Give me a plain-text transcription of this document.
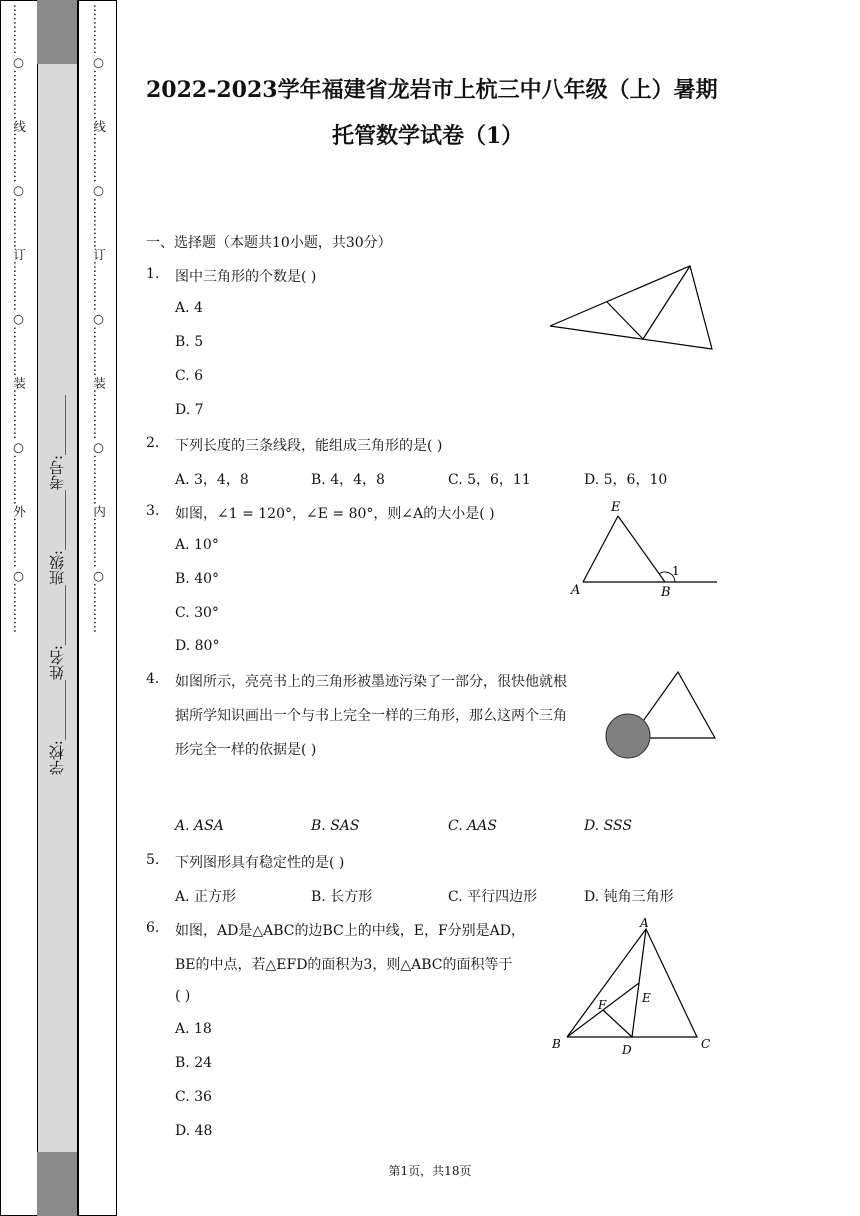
…………○…………线…………○…………订…………○…………装…………○…………外…………○………… 学校:________姓名:________班级:________考号:________ …………○…………线…………○…………订…………○…………装…………○…………内…………○…………	2022-2023学年福建省龙岩市上杭三中八年级（上）暑期
托管数学试卷（1）
一、选择题（本题共10小题，共30分）
1. 图中三角形的个数是( )
A. 4
B. 5
C. 6
D. 7
2. 下列长度的三条线段，能组成三角形的是( )
A. 3，4，8	B. 4，4，8	C. 5，6，11	D. 5，6，10
3. 如图，∠1 = 120°，∠E = 80°，则∠A的大小是( )
A. 10°
B. 40°
C. 30°
D. 80°
E
A	B
1
4. 如图所示，亮亮书上的三角形被墨迹污染了一部分，很快他就根
据所学知识画出一个与书上完全一样的三角形，那么这两个三角
形完全一样的依据是( )
A. ASA	B. SAS	C. AAS	D. SSS
5. 下列图形具有稳定性的是( )
A. 正方形	B. 长方形	C. 平行四边形	D. 钝角三角形
6. 如图，AD是△ABC的边BC上的中线，E，F分别是AD，
BE的中点，若△EFD的面积为3，则△ABC的面积等于
( )
A. 18
B. 24
C. 36
D. 48
A
B	C
D
E
F
第1页，共18页
